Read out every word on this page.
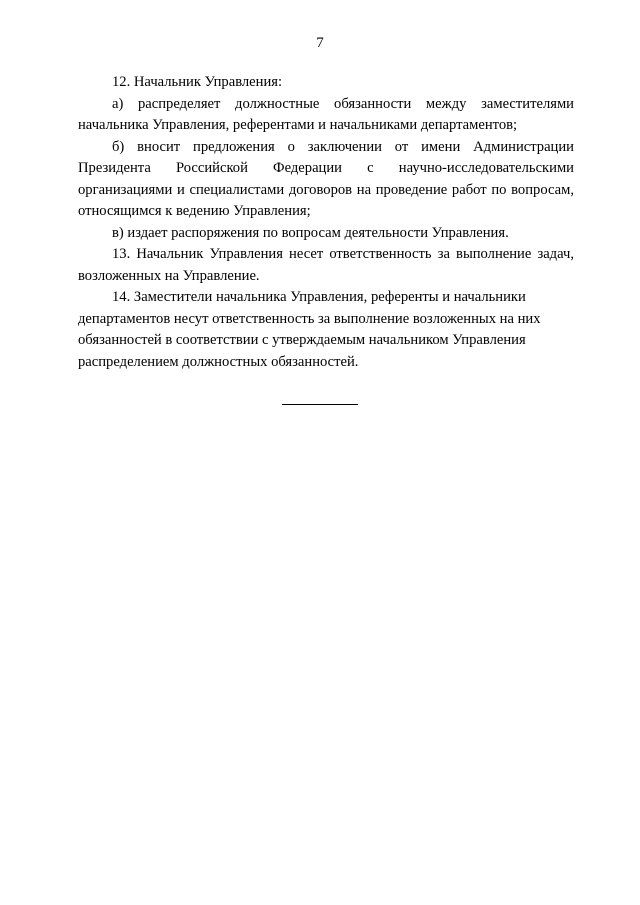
7

12. Начальник Управления:

а) распределяет должностные обязанности между заместителями начальника Управления, референтами и начальниками департаментов;

б) вносит предложения о заключении от имени Администрации Президента Российской Федерации с научно-исследовательскими организациями и специалистами договоров на проведение работ по вопросам, относящимся к ведению Управления;

в) издает распоряжения по вопросам деятельности Управления.

13. Начальник Управления несет ответственность за выполнение задач, возложенных на Управление.

14. Заместители начальника Управления, референты и начальники департаментов несут ответственность за выполнение возложенных на них обязанностей в соответствии с утверждаемым начальником Управления распределением должностных обязанностей.
